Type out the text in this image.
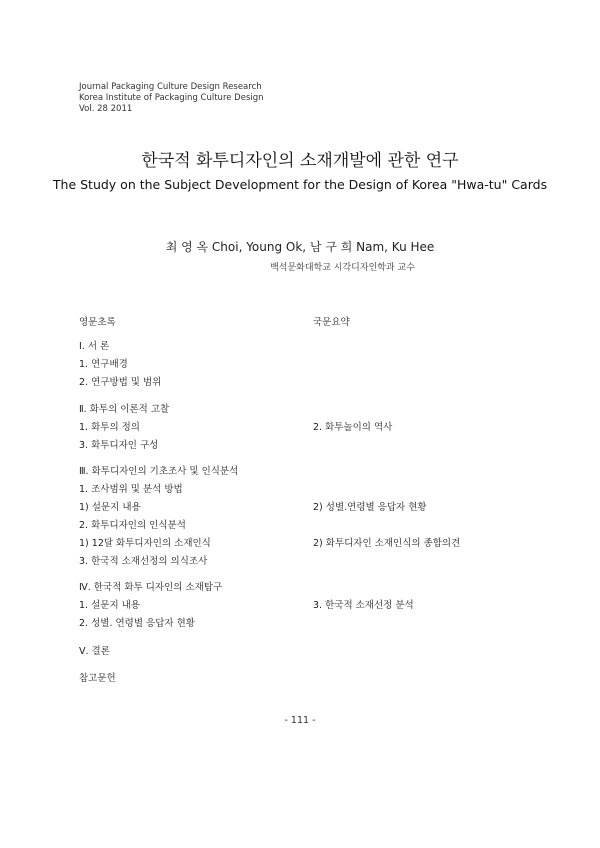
Journal Packaging Culture Design Research
Korea Institute of Packaging Culture Design
Vol. 28 2011
한국적 화투디자인의 소재개발에 관한 연구
The Study on the Subject Development for the Design of Korea "Hwa-tu" Cards
최 영 옥 Choi, Young Ok, 남 구 희 Nam, Ku Hee
백석문화대학교 시각디자인학과 교수
영문초록	국문요약
Ⅰ. 서 론
1. 연구배경
2. 연구방법 및 범위
Ⅱ. 화투의 이론적 고찰
1. 화투의 정의	2. 화투놀이의 역사
3. 화투디자인 구성
Ⅲ. 화투디자인의 기초조사 및 인식분석
1. 조사범위 및 분석 방법
1) 설문지 내용	2) 성별.연령별 응답자 현황
2. 화투디자인의 인식분석
1) 12달 화투디자인의 소재인식	2) 화투디자인 소재인식의 종합의견
3. 한국적 소재선정의 의식조사
Ⅳ. 한국적 화투 디자인의 소재탐구
1. 설문지 내용	3. 한국적 소재선정 분석
2. 성별. 연령별 응답자 현황
Ⅴ. 결론
참고문헌
- 111 -
